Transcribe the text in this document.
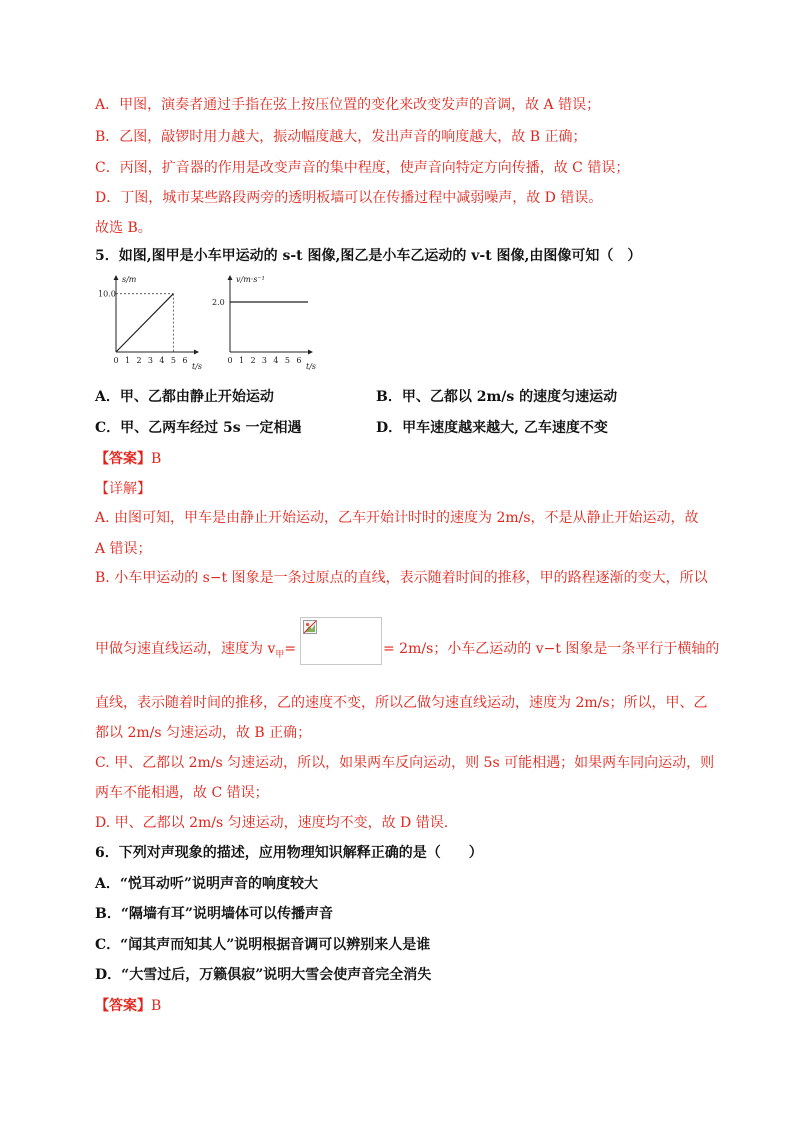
A．甲图，演奏者通过手指在弦上按压位置的变化来改变发声的音调，故 A 错误；
B．乙图，敲锣时用力越大，振动幅度越大，发出声音的响度越大，故 B 正确；
C．丙图，扩音器的作用是改变声音的集中程度，使声音向特定方向传播，故 C 错误；
D．丁图，城市某些路段两旁的透明板墙可以在传播过程中减弱噪声，故 D 错误。
故选 B。
5．如图,图甲是小车甲运动的 s-t 图像,图乙是小车乙运动的 v-t 图像,由图像可知（　）
s/m
t/s
0 1 2 3 4 5 6
10.0
v/m·s⁻¹
t/s
0 1 2 3 4 5 6
2.0
A．甲、乙都由静止开始运动	B．甲、乙都以 2m/s 的速度匀速运动
C．甲、乙两车经过 5s 一定相遇	D．甲车速度越来越大, 乙车速度不变
【答案】B
【详解】
A. 由图可知，甲车是由静止开始运动，乙车开始计时时的速度为 2m/s，不是从静止开始运动，故
A 错误；
B. 小车甲运动的 s−t 图象是一条过原点的直线，表示随着时间的推移，甲的路程逐渐的变大，所以
甲做匀速直线运动，速度为 $v_甲=$	= 2m/s；小车乙运动的 v−t 图象是一条平行于横轴的
直线，表示随着时间的推移，乙的速度不变，所以乙做匀速直线运动，速度为 2m/s；所以，甲、乙
都以 2m/s 匀速运动，故 B 正确；
C. 甲、乙都以 2m/s 匀速运动，所以，如果两车反向运动，则 5s 可能相遇；如果两车同向运动，则
两车不能相遇，故 C 错误；
D. 甲、乙都以 2m/s 匀速运动，速度均不变，故 D 错误.
6．下列对声现象的描述，应用物理知识解释正确的是（　　）
A．“悦耳动听”说明声音的响度较大
B．“隔墙有耳”说明墙体可以传播声音
C．“闻其声而知其人”说明根据音调可以辨别来人是谁
D．“大雪过后，万籁俱寂”说明大雪会使声音完全消失
【答案】B
